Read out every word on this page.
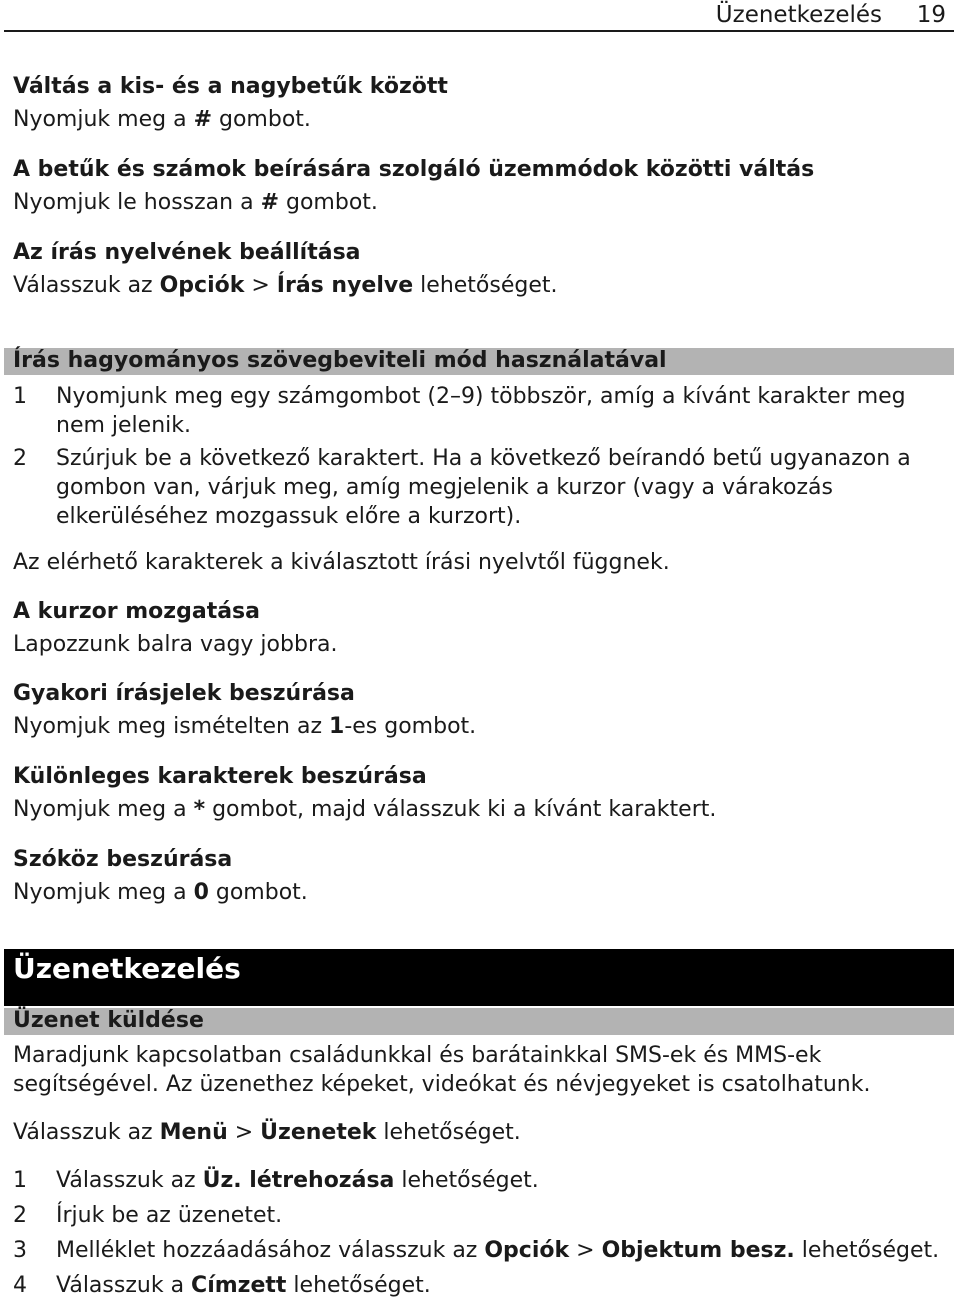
Üzenetkezelés 19
Váltás a kis- és a nagybetűk között
Nyomjuk meg a # gombot.
A betűk és számok beírására szolgáló üzemmódok közötti váltás
Nyomjuk le hosszan a # gombot.
Az írás nyelvének beállítása
Válasszuk az Opciók > Írás nyelve lehetőséget.
Írás hagyományos szövegbeviteli mód használatával
1	Nyomjunk meg egy számgombot (2–9) többször, amíg a kívánt karakter meg nem jelenik.
2	Szúrjuk be a következő karaktert. Ha a következő beírandó betű ugyanazon a gombon van, várjuk meg, amíg megjelenik a kurzor (vagy a várakozás elkerüléséhez mozgassuk előre a kurzort).
Az elérhető karakterek a kiválasztott írási nyelvtől függnek.
A kurzor mozgatása
Lapozzunk balra vagy jobbra.
Gyakori írásjelek beszúrása
Nyomjuk meg ismételten az 1-es gombot.
Különleges karakterek beszúrása
Nyomjuk meg a * gombot, majd válasszuk ki a kívánt karaktert.
Szóköz beszúrása
Nyomjuk meg a 0 gombot.
Üzenetkezelés
Üzenet küldése
Maradjunk kapcsolatban családunkkal és barátainkkal SMS-ek és MMS-ek segítségével. Az üzenethez képeket, videókat és névjegyeket is csatolhatunk.
Válasszuk az Menü > Üzenetek lehetőséget.
1	Válasszuk az Üz. létrehozása lehetőséget.
2	Írjuk be az üzenetet.
3	Melléklet hozzáadásához válasszuk az Opciók > Objektum besz. lehetőséget.
4	Válasszuk a Címzett lehetőséget.
